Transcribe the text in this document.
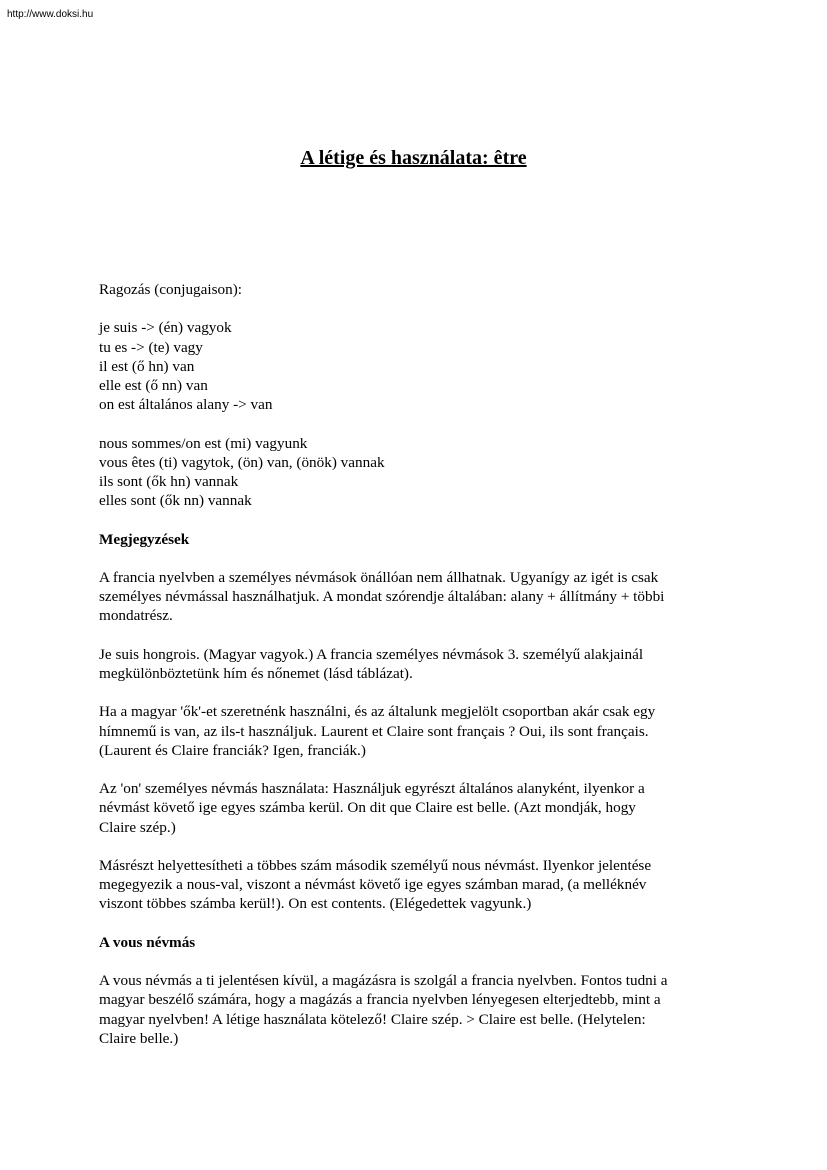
http://www.doksi.hu
A létige és használata: être
Ragozás (conjugaison):
je suis -> (én) vagyok
tu es -> (te) vagy
il est (ő hn) van
elle est (ő nn) van
on est általános alany -> van
nous sommes/on est (mi) vagyunk
vous êtes (ti) vagytok, (ön) van, (önök) vannak
ils sont (ők hn) vannak
elles sont (ők nn) vannak
Megjegyzések
A francia nyelvben a személyes névmások önállóan nem állhatnak. Ugyanígy az igét is csak
személyes névmással használhatjuk. A mondat szórendje általában: alany + állítmány + többi
mondatrész.
Je suis hongrois. (Magyar vagyok.) A francia személyes névmások 3. személyű alakjainál
megkülönböztetünk hím és nőnemet (lásd táblázat).
Ha a magyar 'ők'-et szeretnénk használni, és az általunk megjelölt csoportban akár csak egy
hímnemű is van, az ils-t használjuk. Laurent et Claire sont français ? Oui, ils sont français.
(Laurent és Claire franciák? Igen, franciák.)
Az 'on' személyes névmás használata: Használjuk egyrészt általános alanyként, ilyenkor a
névmást követő ige egyes számba kerül. On dit que Claire est belle. (Azt mondják, hogy
Claire szép.)
Másrészt helyettesítheti a többes szám második személyű nous névmást. Ilyenkor jelentése
megegyezik a nous-val, viszont a névmást követő ige egyes számban marad, (a melléknév
viszont többes számba kerül!). On est contents. (Elégedettek vagyunk.)
A vous névmás
A vous névmás a ti jelentésen kívül, a magázásra is szolgál a francia nyelvben. Fontos tudni a
magyar beszélő számára, hogy a magázás a francia nyelvben lényegesen elterjedtebb, mint a
magyar nyelvben! A létige használata kötelező! Claire szép. > Claire est belle. (Helytelen:
Claire belle.)
